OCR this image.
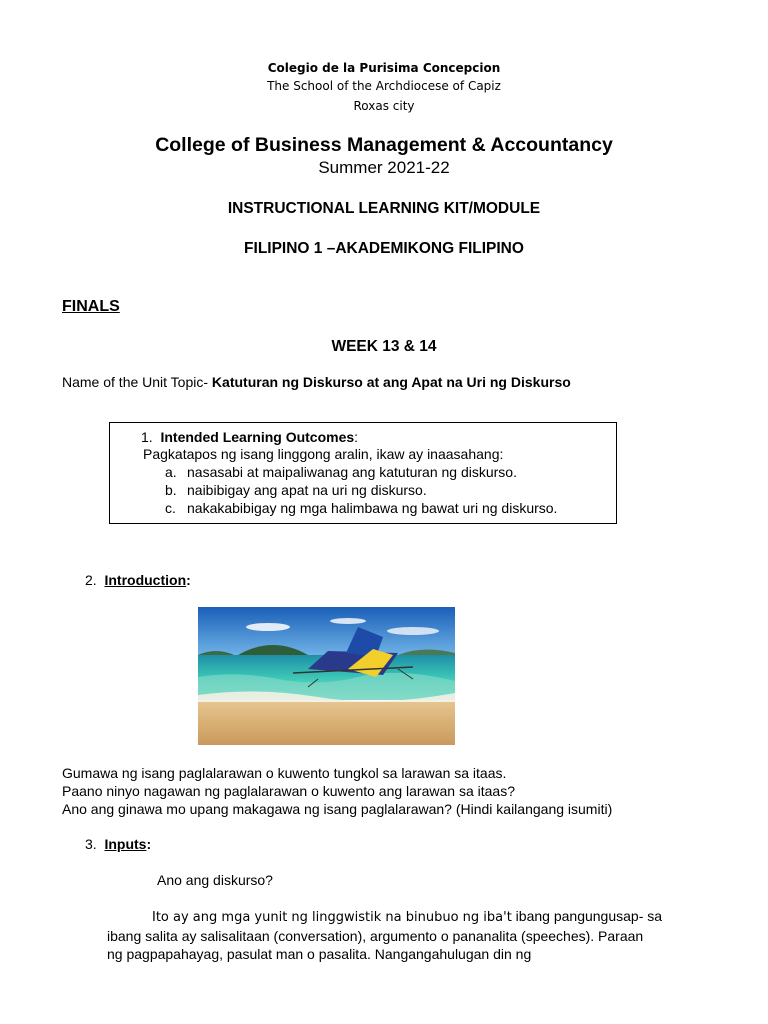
Colegio de la Purisima Concepcion
The School of the Archdiocese of Capiz
Roxas city
College of Business Management & Accountancy
Summer 2021-22
INSTRUCTIONAL LEARNING KIT/MODULE
FILIPINO 1 –AKADEMIKONG FILIPINO
FINALS
WEEK 13 & 14
Name of the Unit Topic- Katuturan ng Diskurso at ang Apat na Uri ng Diskurso
1. Intended Learning Outcomes:
Pagkatapos ng isang linggong aralin, ikaw ay inaasahang:
a. nasasabi at maipaliwanag ang katuturan ng diskurso.
b. naibibigay ang apat na uri ng diskurso.
c. nakakabibigay ng mga halimbawa ng bawat uri ng diskurso.
2. Introduction:
Gumawa ng isang paglalarawan o kuwento tungkol sa larawan sa itaas.
Paano ninyo nagawan ng paglalarawan o kuwento ang larawan sa itaas?
Ano ang ginawa mo upang makagawa ng isang paglalarawan? (Hindi kailangang isumiti)
3. Inputs:
Ano ang diskurso?
Ito ay ang mga yunit ng linggwistik na binubuo ng iba't ibang pangungusap- sa
ibang salita ay salisalitaan (conversation), argumento o pananalita (speeches). Paraan
ng pagpapahayag, pasulat man o pasalita. Nangangahulugan din ng
